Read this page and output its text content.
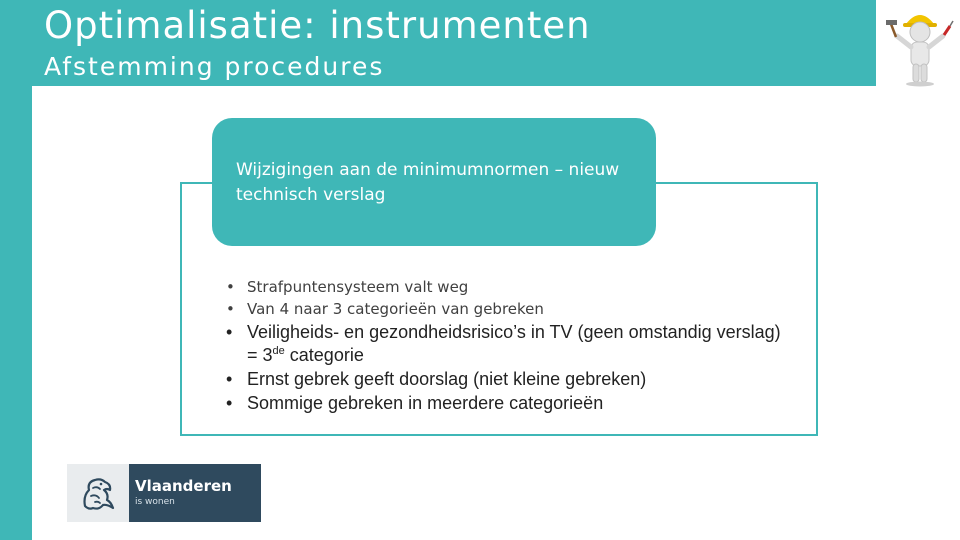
Optimalisatie: instrumenten
Afstemming procedures

Wijzigingen aan de minimumnormen – nieuw technisch verslag

• Strafpuntensysteem valt weg
• Van 4 naar 3 categorieën van gebreken
• Veiligheids- en gezondheidsrisico’s in TV (geen omstandig verslag) = 3de categorie
• Ernst gebrek geeft doorslag (niet kleine gebreken)
• Sommige gebreken in meerdere categorieën
Vlaanderen
is wonen
